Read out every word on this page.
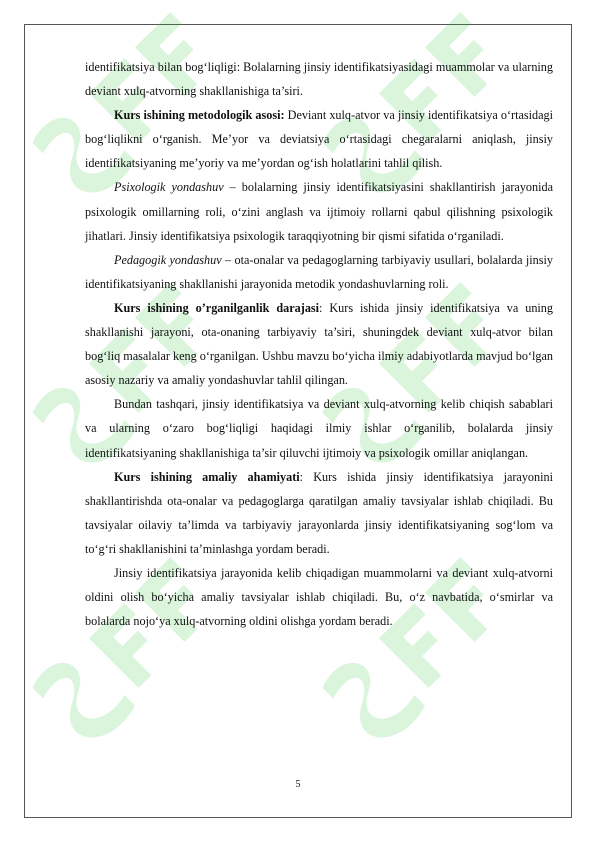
identifikatsiya bilan bog‘liqligi: Bolalarning jinsiy identifikatsiyasidagi muammolar va ularning deviant xulq-atvorning shakllanishiga ta’siri.

Kurs ishining metodologik asosi: Deviant xulq-atvor va jinsiy identifikatsiya o‘rtasidagi bog‘liqlikni o‘rganish. Me’yor va deviatsiya o‘rtasidagi chegaralarni aniqlash, jinsiy identifikatsiyaning me’yoriy va me’yordan og‘ish holatlarini tahlil qilish.

Psixologik yondashuv – bolalarning jinsiy identifikatsiyasini shakllantirish jarayonida psixologik omillarning roli, o‘zini anglash va ijtimoiy rollarni qabul qilishning psixologik jihatlari. Jinsiy identifikatsiya psixologik taraqqiyotning bir qismi sifatida o‘rganiladi.

Pedagogik yondashuv – ota-onalar va pedagoglarning tarbiyaviy usullari, bolalarda jinsiy identifikatsiyaning shakllanishi jarayonida metodik yondashuvlarning roli.

Kurs ishining o’rganilganlik darajasi: Kurs ishida jinsiy identifikatsiya va uning shakllanishi jarayoni, ota-onaning tarbiyaviy ta’siri, shuningdek deviant xulq-atvor bilan bog‘liq masalalar keng o‘rganilgan. Ushbu mavzu bo‘yicha ilmiy adabiyotlarda mavjud bo‘lgan asosiy nazariy va amaliy yondashuvlar tahlil qilingan.

Bundan tashqari, jinsiy identifikatsiya va deviant xulq-atvorning kelib chiqish sabablari va ularning o‘zaro bog‘liqligi haqidagi ilmiy ishlar o‘rganilib, bolalarda jinsiy identifikatsiyaning shakllanishiga ta’sir qiluvchi ijtimoiy va psixologik omillar aniqlangan.

Kurs ishining amaliy ahamiyati: Kurs ishida jinsiy identifikatsiya jarayonini shakllantirishda ota-onalar va pedagoglarga qaratilgan amaliy tavsiyalar ishlab chiqiladi. Bu tavsiyalar oilaviy ta’limda va tarbiyaviy jarayonlarda jinsiy identifikatsiyaning sog‘lom va to‘g‘ri shakllanishini ta’minlashga yordam beradi.

Jinsiy identifikatsiya jarayonida kelib chiqadigan muammolarni va deviant xulq-atvorni oldini olish bo‘yicha amaliy tavsiyalar ishlab chiqiladi. Bu, o‘z navbatida, o‘smirlar va bolalarda nojo‘ya xulq-atvorning oldini olishga yordam beradi.

5
